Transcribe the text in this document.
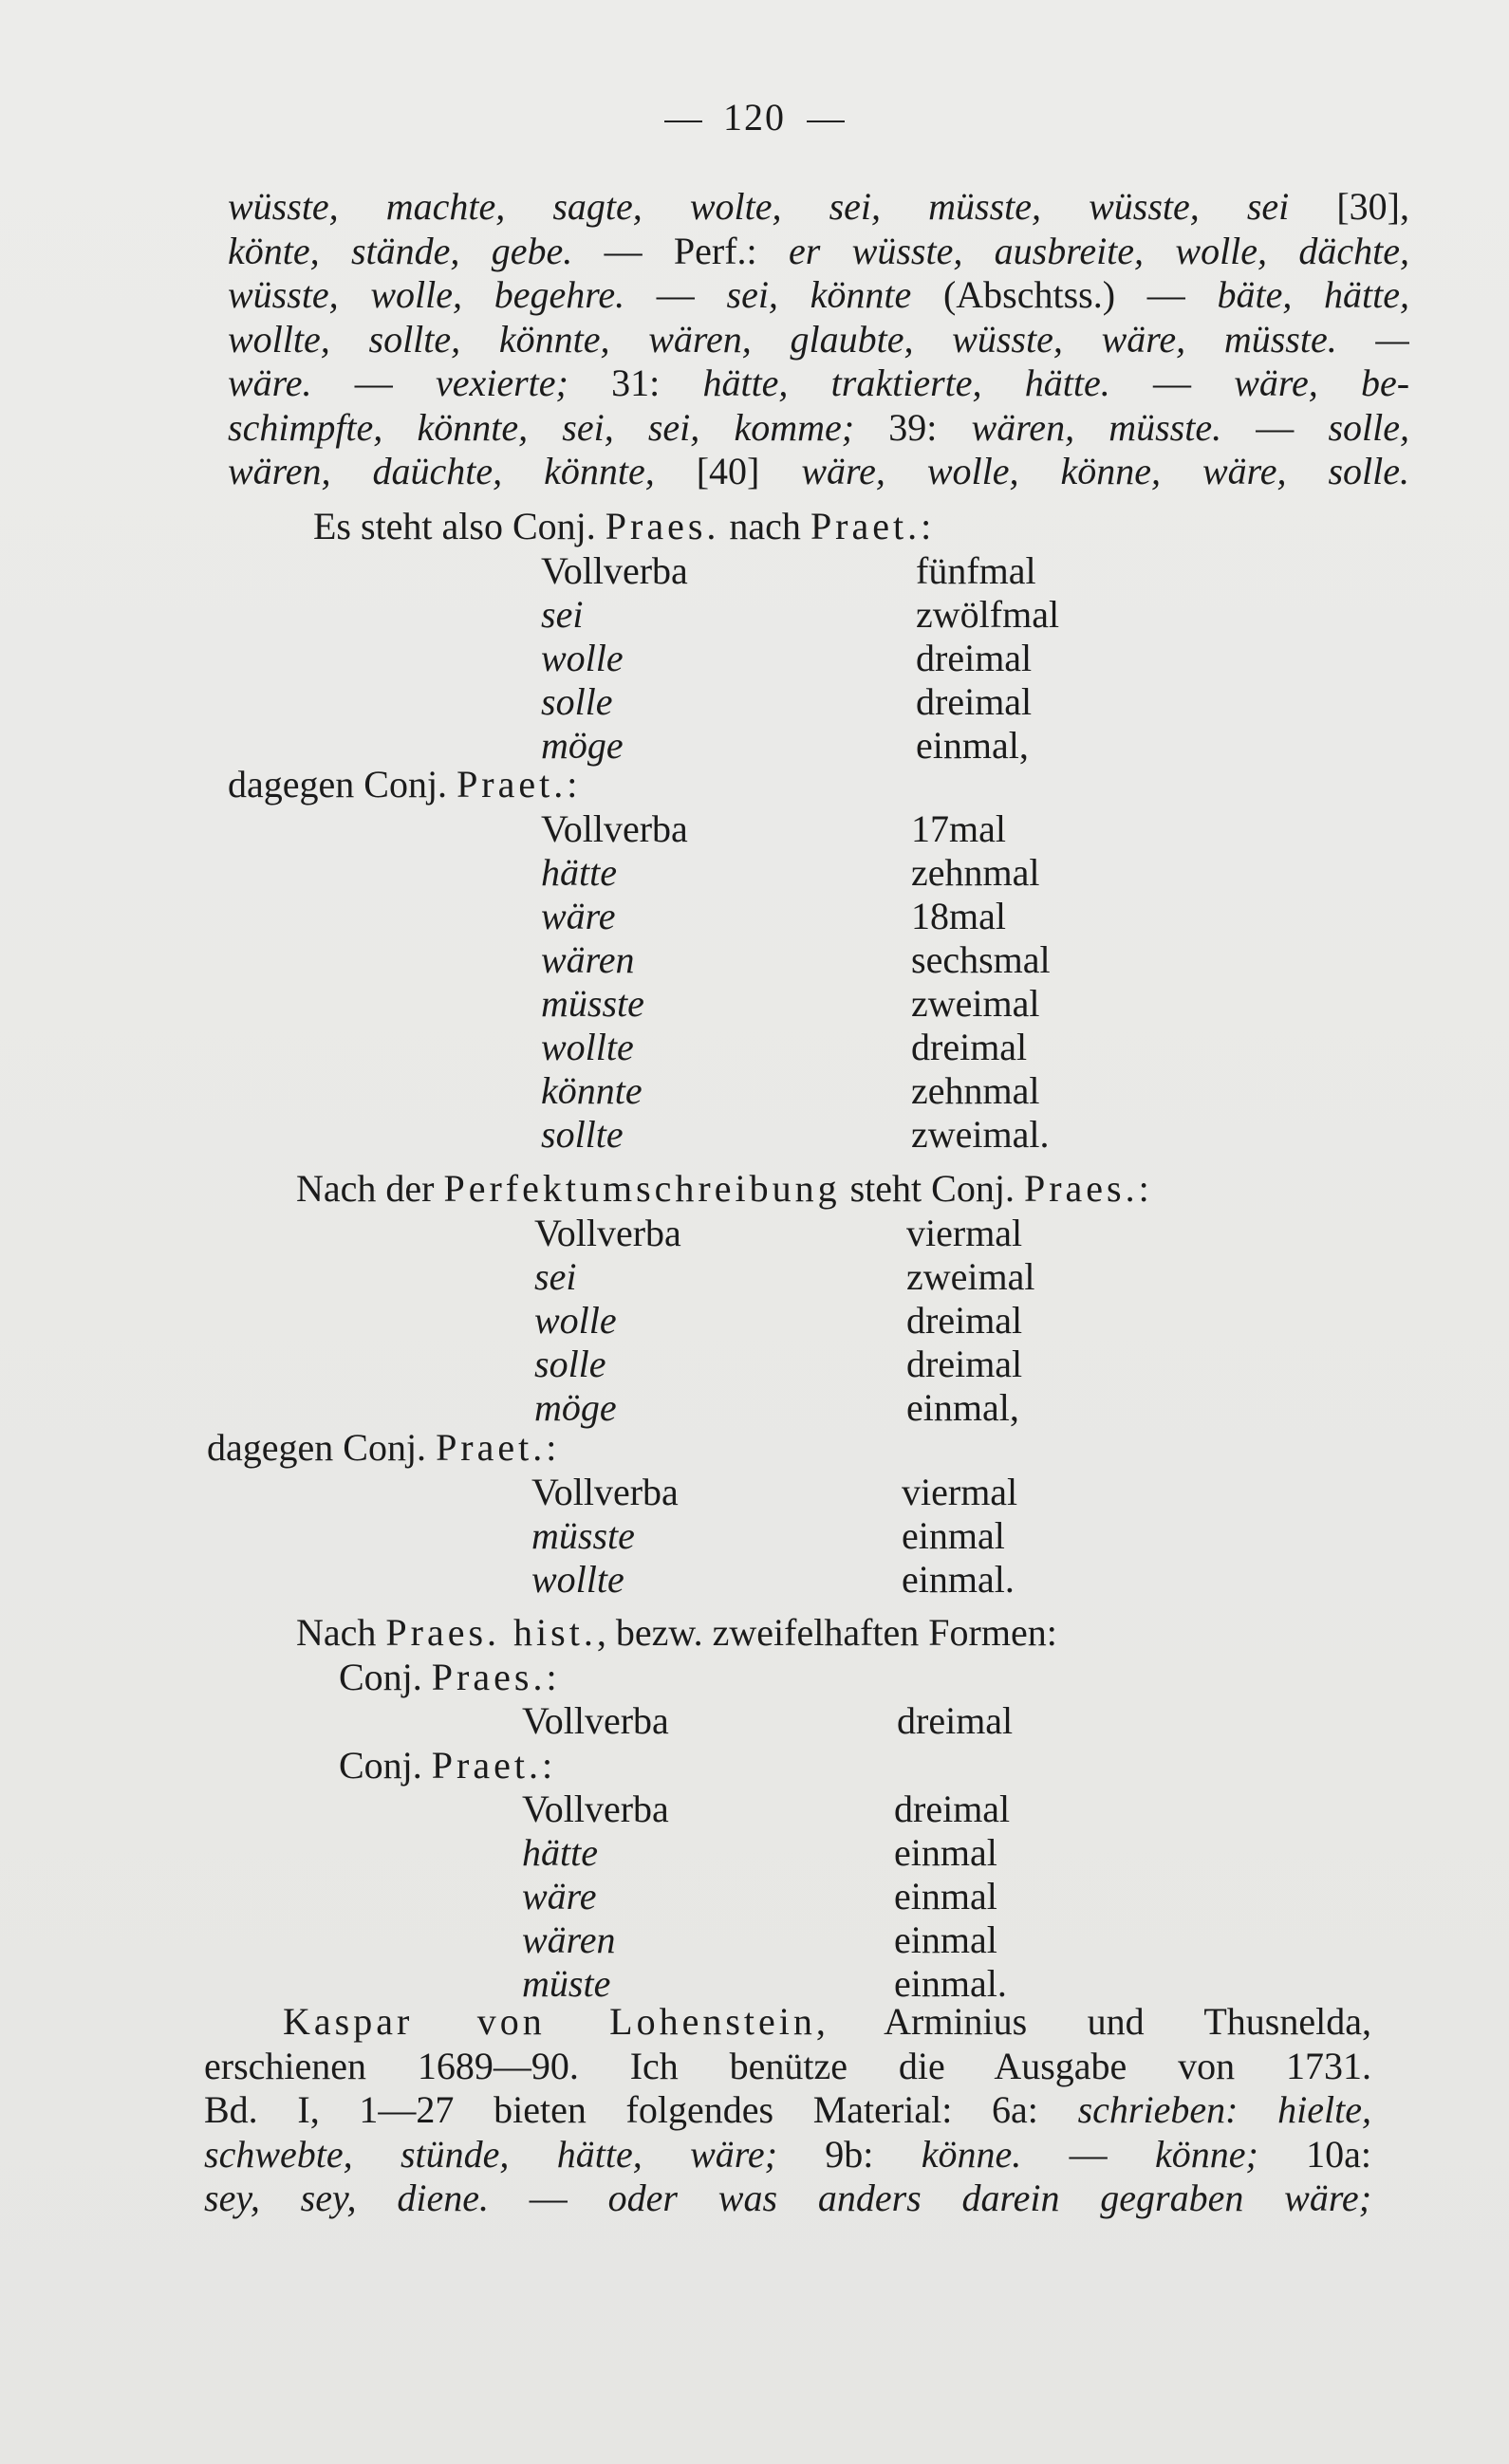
120
wüsste, machte, sagte, wolte, sei, müsste, wüsste, sei [30],
könte, stände, gebe. — Perf.: er wüsste, ausbreite, wolle, dächte,
wüsste, wolle, begehre. — sei, könnte (Abschtss.) — bäte, hätte,
wollte, sollte, könnte, wären, glaubte, wüsste, wäre, müsste. —
wäre. — vexierte; 31: hätte, traktierte, hätte. — wäre, be-
schimpfte, könnte, sei, sei, komme; 39: wären, müsste. — solle,
wären, daüchte, könnte, [40] wäre, wolle, könne, wäre, solle.
Es steht also Conj. Praes. nach Praet.:
Vollverba	fünfmal
sei	zwölfmal
wolle	dreimal
solle	dreimal
möge	einmal,
dagegen Conj. Praet.:
Vollverba	17mal
hätte	zehnmal
wäre	18mal
wären	sechsmal
müsste	zweimal
wollte	dreimal
könnte	zehnmal
sollte	zweimal.
Nach der Perfektumschreibung steht Conj. Praes.:
Vollverba	viermal
sei	zweimal
wolle	dreimal
solle	dreimal
möge	einmal,
dagegen Conj. Praet.:
Vollverba	viermal
müsste	einmal
wollte	einmal.
Nach Praes. hist., bezw. zweifelhaften Formen:
Conj. Praes.:
Vollverba	dreimal
Conj. Praet.:
Vollverba	dreimal
hätte	einmal
wäre	einmal
wären	einmal
müste	einmal.
Kaspar von Lohenstein, Arminius und Thusnelda,
erschienen 1689—90. Ich benütze die Ausgabe von 1731.
Bd. I, 1—27 bieten folgendes Material: 6a: schrieben: hielte,
schwebte, stünde, hätte, wäre; 9b: könne. — könne; 10a:
sey, sey, diene. — oder was anders darein gegraben wäre;
